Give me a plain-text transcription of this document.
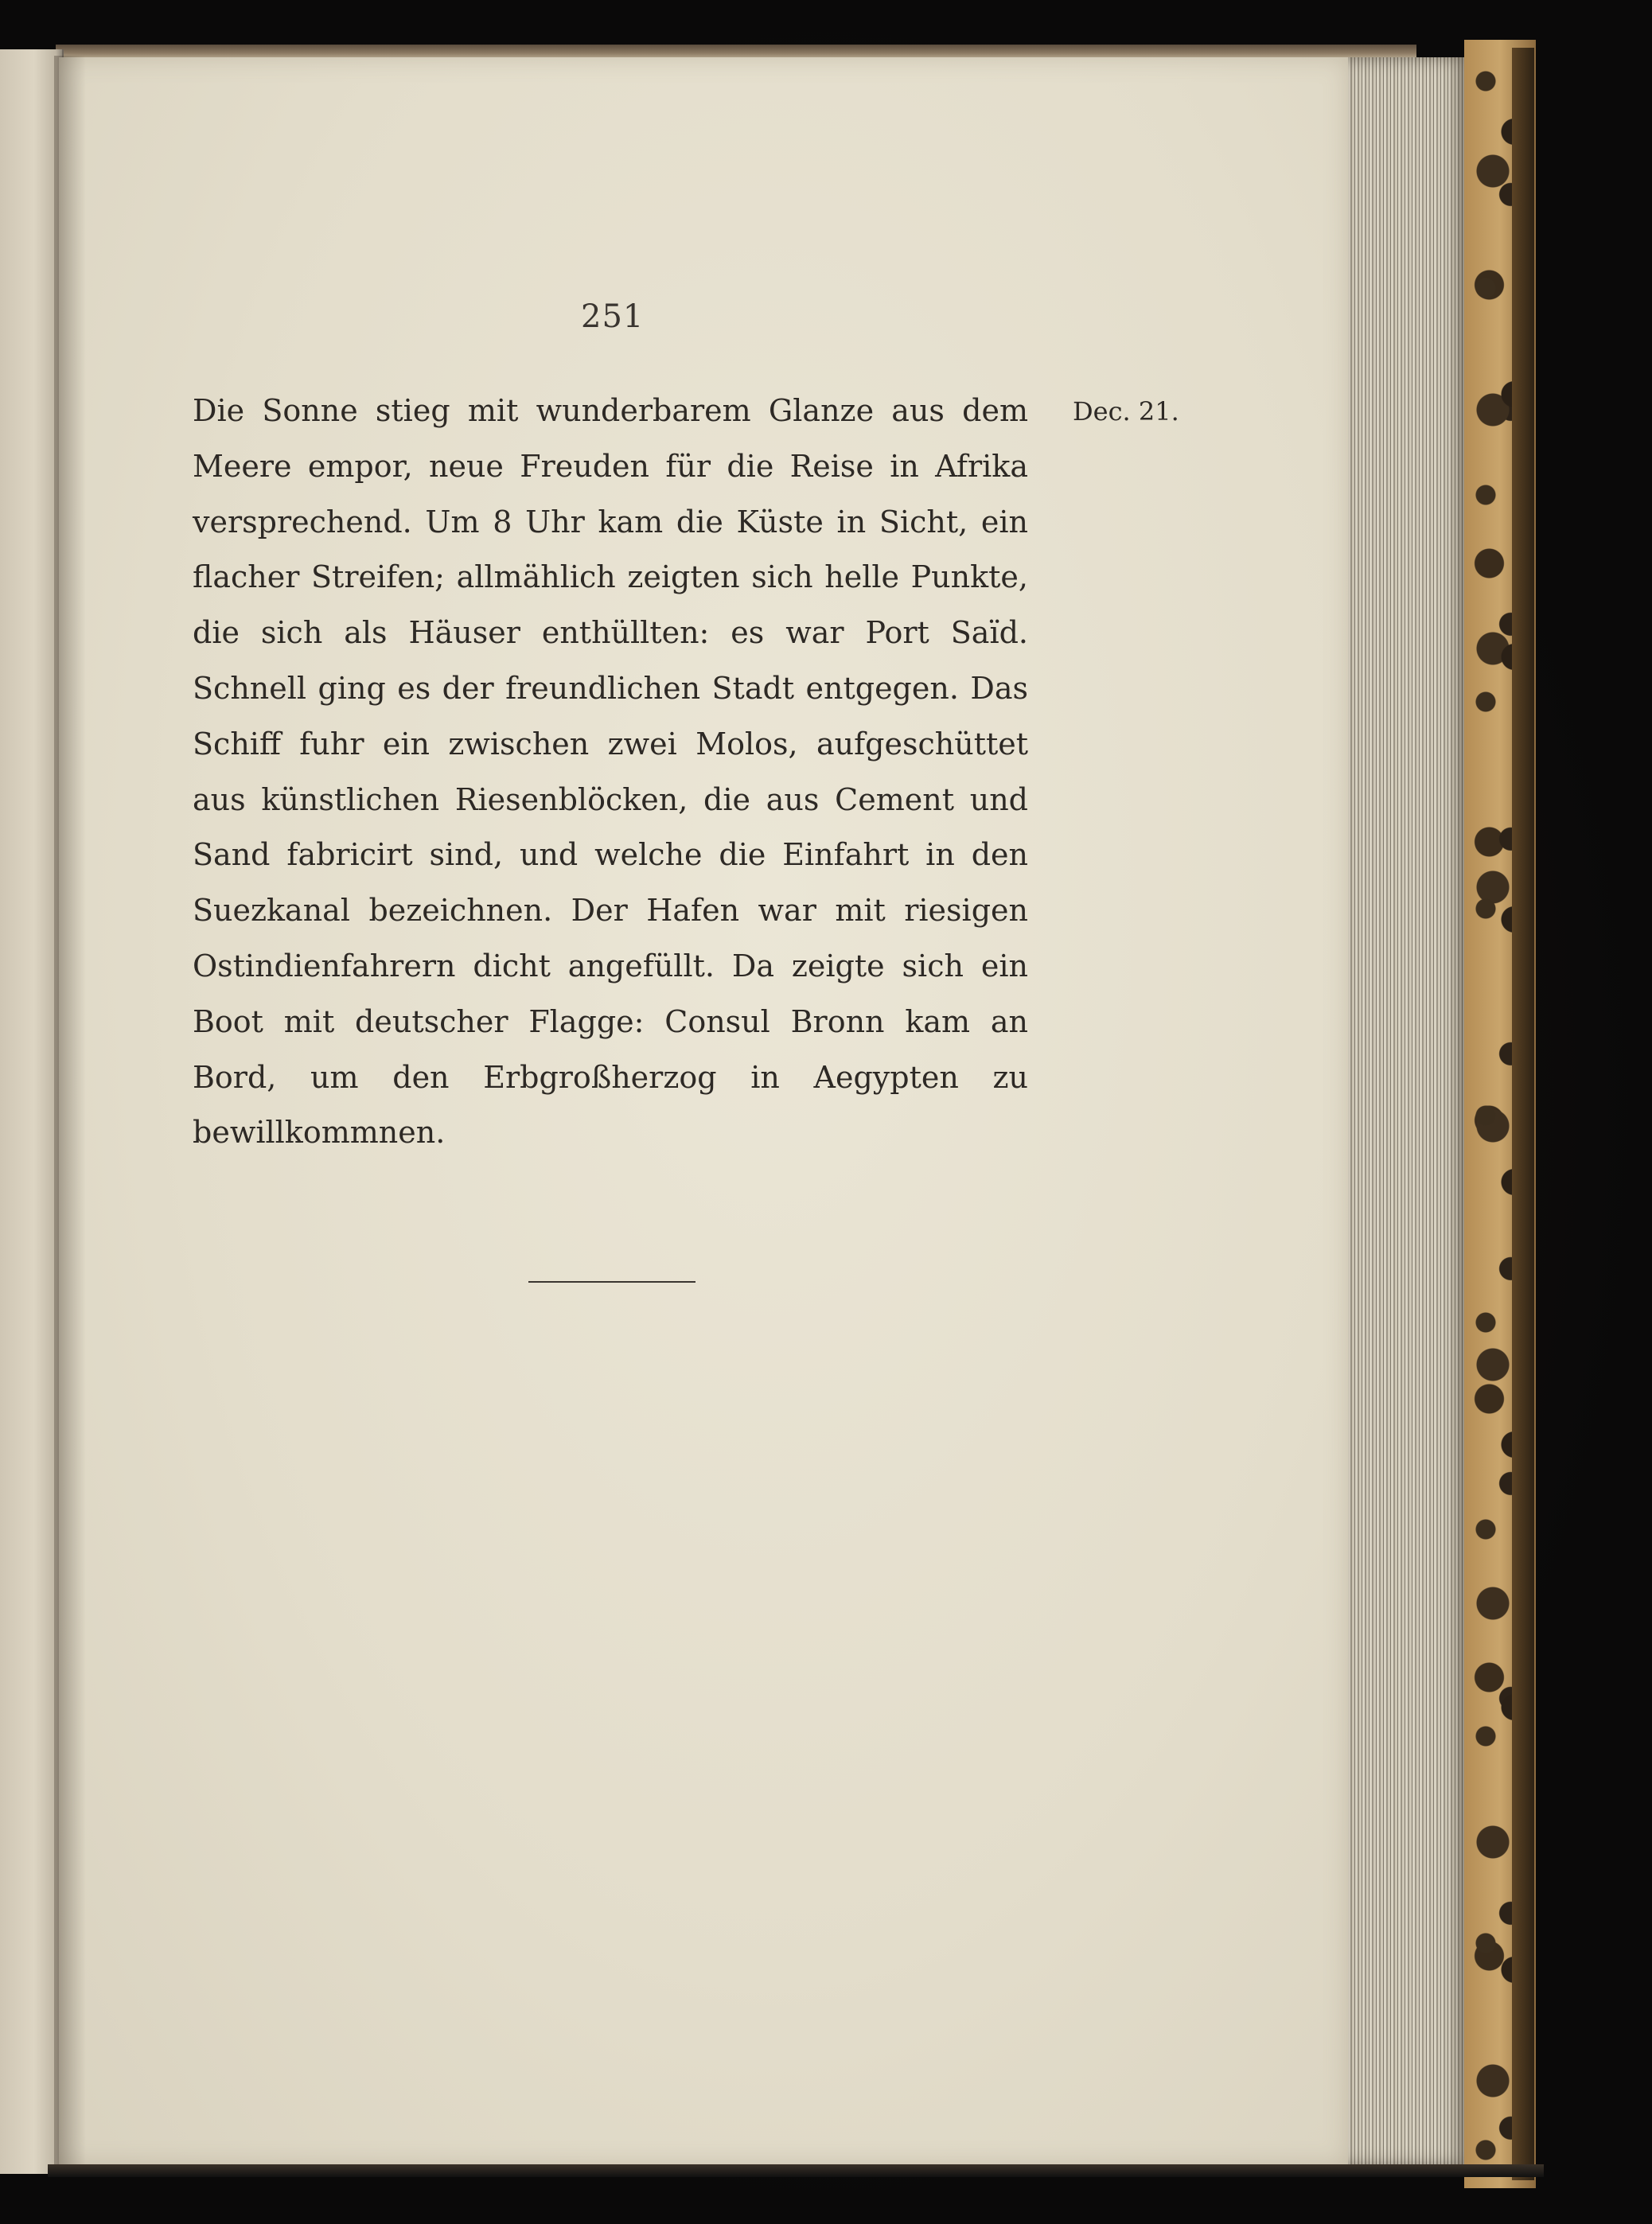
251

Die Sonne stieg mit wunderbarem Glanze aus dem Meere empor, neue Freuden für die Reise in Afrika versprechend. Um 8 Uhr kam die Küste in Sicht, ein flacher Streifen; allmählich zeigten sich helle Punkte, die sich als Häuser enthüllten: es war Port Saïd. Schnell ging es der freundlichen Stadt entgegen. Das Schiff fuhr ein zwischen zwei Molos, aufgeschüttet aus künstlichen Riesenblöcken, die aus Cement und Sand fabricirt sind, und welche die Einfahrt in den Suezkanal bezeichnen. Der Hafen war mit riesigen Ostindienfahrern dicht angefüllt. Da zeigte sich ein Boot mit deutscher Flagge: Consul Bronn kam an Bord, um den Erbgroßherzog in Aegypten zu bewillkommnen.

Dec. 21.
